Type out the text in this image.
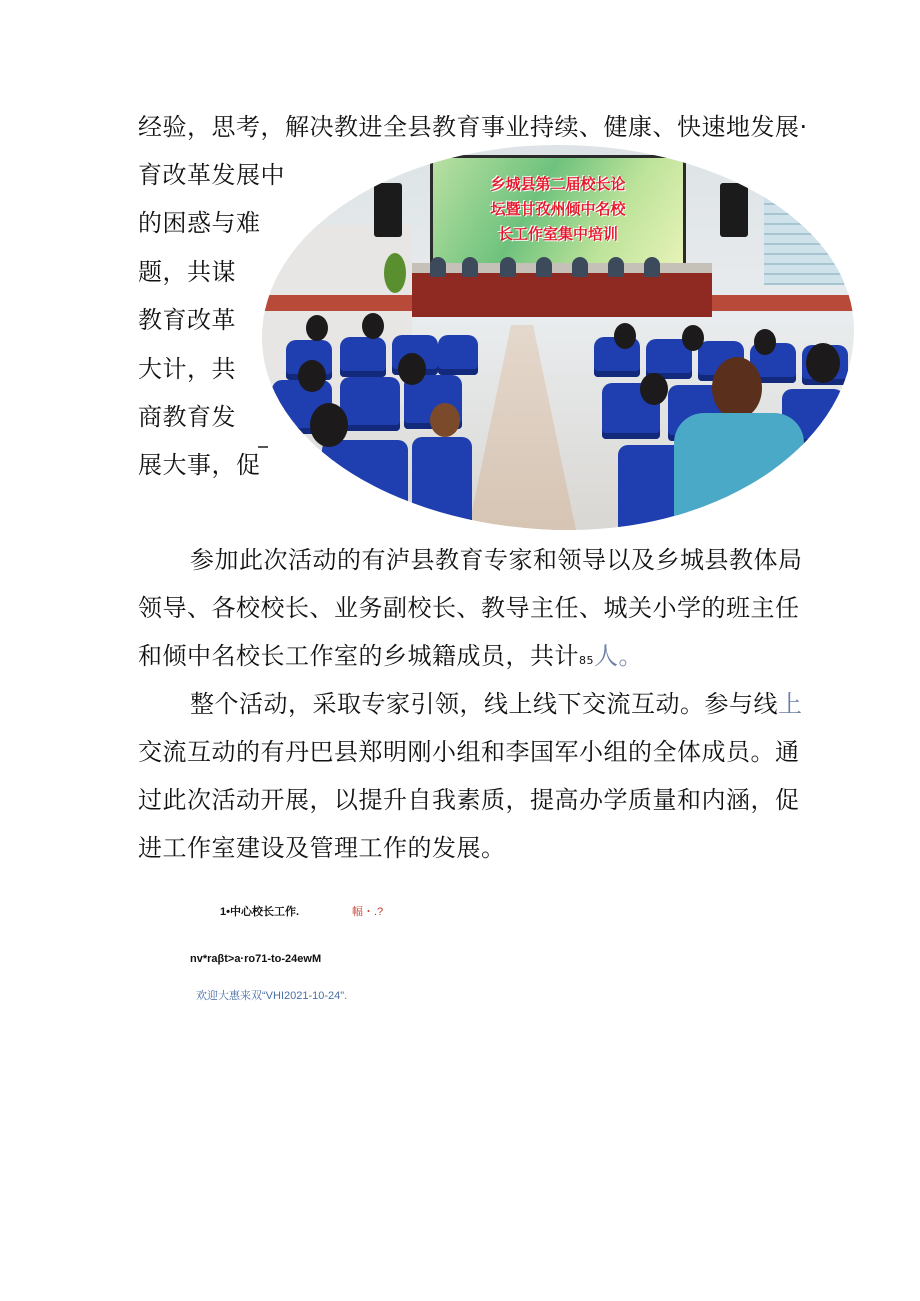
经验，思考，解决教进全县教育事业持续、健康、快速地发展·
育改革发展中
的困惑与难
题，共谋
教育改革
大计，共
商教育发
展大事，促
乡城县第二届校长论
坛暨甘孜州倾中名校
长工作室集中培训
参加此次活动的有泸县教育专家和领导以及乡城县教体局
领导、各校校长、业务副校长、教导主任、城关小学的班主任
和倾中名校长工作室的乡城籍成员，共计85人。
整个活动，采取专家引领，线上线下交流互动。参与线上
交流互动的有丹巴县郑明刚小组和李国军小组的全体成员。通
过此次活动开展，以提升自我素质，提高办学质量和内涵，促
进工作室建设及管理工作的发展。
1•中心校长工作.	幅・.?
nv*raβt>a·ro71-to-24ewM
欢迎大惠来双“VHI2021-10-24".
